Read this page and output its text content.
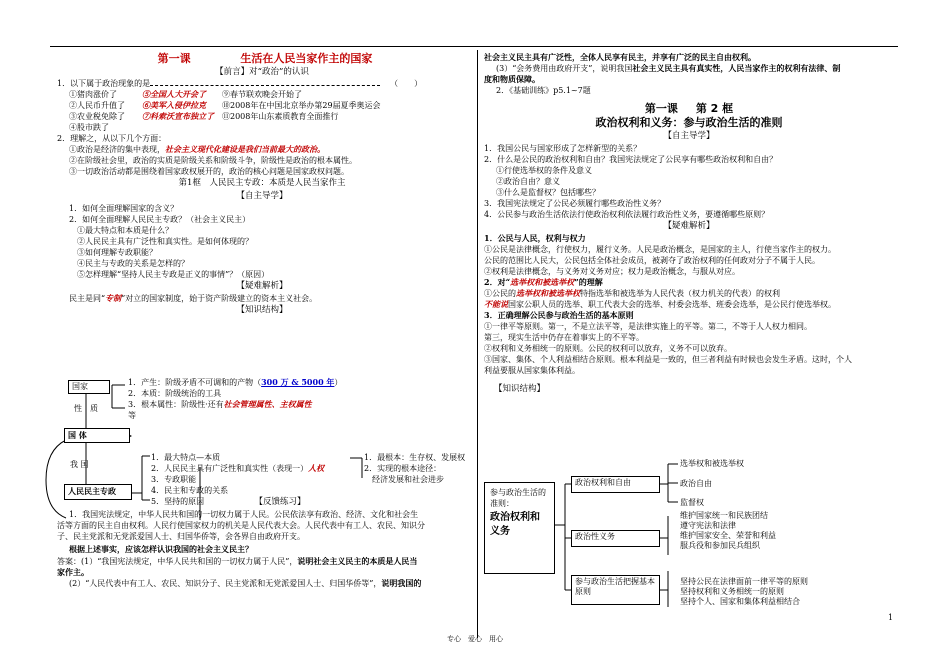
第一课	生活在人民当家作主的国家
【前言】对“政治”的认识
1．以下属于政治现象的是	（　　）
①猪肉涨价了	⑤全国人大开会了 ⑨春节联欢晚会开始了
②人民币升值了 ⑥美军入侵伊拉克 ⑩2008年在中国北京举办第29届夏季奥运会
③农业税免除了 ⑦科索沃宣布独立了 ⑪2008年山东素质教育全面推行
④股市跌了
2．理解之，从以下几个方面：
①政治是经济的集中表现，社会主义现代化建设是我们当前最大的政治。
②在阶级社会里，政治的实质是阶级关系和阶级斗争，阶级性是政治的根本属性。
③一切政治活动都是围绕着国家政权展开的，政治的核心问题是国家政权问题。
第1框　人民民主专政：本质是人民当家作主
【自主导学】
1．如何全面理解国家的含义？
2．如何全面理解人民民主专政？（社会主义民主）
①最大特点和本质是什么？
②人民民主具有广泛性和真实性。是如何体现的？
③如何理解专政职能？
④民主与专政的关系是怎样的？
⑤怎样理解“坚持人民主专政是正义的事情”？（原因）
【疑难解析】
民主是同“专制”对立的国家制度，始于资产阶级建立的资本主义社会。
【知识结构】
国家
性　质
国 体
我 国
人民民主专政
1．产生：阶级矛盾不可调和的产物（300 万 & 5000 年）
2．本质：阶级统治的工具
3．根本属性：阶级性·还有社会管理属性、主权属性
等
1．最大特点—本质
2．人民民主具有广泛性和真实性（表现一）人权
3．专政职能
4．民主和专政的关系
5．坚持的原因
1．最根本：生存权、发展权
2．实现的根本途径：
经济发展和社会进步
【反馈练习】
1．我国宪法规定，中华人民共和国的一切权力属于人民。公民依法享有政治、经济、文化和社会生
活等方面的民主自由权利。人民行使国家权力的机关是人民代表大会。人民代表中有工人、农民、知识分
子、民主党派和无党派爱国人士、归国华侨等，会各界自由政府开支。
根据上述事实，应该怎样认识我国的社会主义民主？
答案：(1）“我国宪法规定，中华人民共和国的一切权力属于人民”，说明社会主义民主的本质是人民当
家作主。
(2）“人民代表中有工人、农民、知识分子、民主党派和无党派爱国人士、归国华侨等”，说明我国的
社会主义民主具有广泛性，全体人民享有民主，并享有广泛的民主自由权利。
(3）“会务费用由政府开支”，说明我国社会主义民主具有真实性，人民当家作主的权利有法律、制
度和物质保障。
2．《基础训练》p5.1~7题
第一课 第 2 框
政治权利和义务：参与政治生活的准则
【自主导学】
1．我国公民与国家形成了怎样新型的关系？
2．什么是公民的政治权利和自由？我国宪法规定了公民享有哪些政治权利和自由？
①行使选举权的条件及意义
②政治自由？意义
③什么是监督权？包括哪些？
3．我国宪法规定了公民必须履行哪些政治性义务？
4．公民参与政治生活依法行使政治权利依法履行政治性义务，要遵循哪些原则？
【疑难解析】
1．公民与人民，权利与权力
①公民是法律概念，行使权力，履行义务。人民是政治概念，是国家的主人，行使当家作主的权力。
公民的范围比人民大，公民包括全体社会成员，被剥夺了政治权利的任何政对分子不属于人民。
②权利是法律概念，与义务对义务对应；权力是政治概念，与服从对应。
2．对“选举权和被选举权”的理解
①公民的选举权和被选举权特指选举和被选举为人民代表（权力机关的代表）的权利
不能说国家公职人员的选举、职工代表大会的选举、村委会选举、班委会选举，是公民行使选举权。
3．正确理解公民参与政治生活的基本原则
①一律平等原则。第一，不是立法平等，是法律实施上的平等。第二，不等于人人权力相同。
第三，现实生活中仍存在着事实上的不平等。
②权利和义务相统一的原则。公民的权利可以放弃，义务不可以放弃。
③国家、集体、个人利益相结合原则。根本利益是一致的，但三者利益有时候也会发生矛盾。这时，个人
利益要服从国家集体利益。
【知识结构】
参与政治生活的准则：
政治权利和义务
政治权利和自由
政治性义务
参与政治生活把握基本原则
选举权和被选举权
政治自由
监督权
维护国家统一和民族团结
遵守宪法和法律
维护国家安全、荣誉和利益
服兵役和参加民兵组织
坚持公民在法律面前一律平等的原则
坚持权利和义务相统一的原则
坚持个人、国家和集体利益相结合
1
专心　爱心　用心
